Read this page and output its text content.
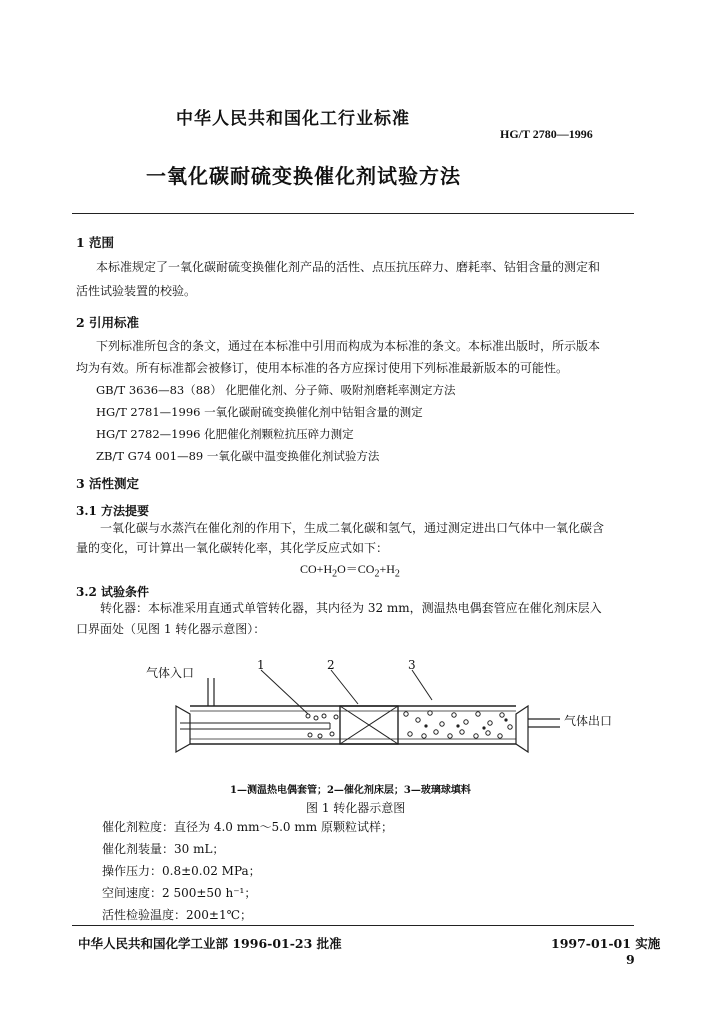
中华人民共和国化工行业标准
HG/T 2780—1996
一氧化碳耐硫变换催化剂试验方法
1 范围
本标准规定了一氧化碳耐硫变换催化剂产品的活性、点压抗压碎力、磨耗率、钴钼含量的测定和
活性试验装置的校验。
2 引用标准
下列标准所包含的条文，通过在本标准中引用而构成为本标准的条文。本标准出版时，所示版本
均为有效。所有标准都会被修订，使用本标准的各方应探讨使用下列标准最新版本的可能性。
GB/T 3636—83（88） 化肥催化剂、分子筛、吸附剂磨耗率测定方法
HG/T 2781—1996 一氧化碳耐硫变换催化剂中钴钼含量的测定
HG/T 2782—1996 化肥催化剂颗粒抗压碎力测定
ZB/T G74 001—89 一氧化碳中温变换催化剂试验方法
3 活性测定
3.1 方法提要
一氧化碳与水蒸汽在催化剂的作用下，生成二氧化碳和氢气，通过测定进出口气体中一氧化碳含
量的变化，可计算出一氧化碳转化率，其化学反应式如下：
$CO+H_2O=CO_2+H_2$
3.2 试验条件
转化器：本标准采用直通式单管转化器，其内径为 32 mm，测温热电偶套管应在催化剂床层入
口界面处（见图 1 转化器示意图）：
气体入口
气体出口
1	2	3
1—测温热电偶套管；2—催化剂床层；3—玻璃球填料
图 1 转化器示意图
催化剂粒度：直径为 4.0 mm～5.0 mm 原颗粒试样；
催化剂装量：30 mL；
操作压力：0.8±0.02 MPa；
空间速度：2 500±50 h⁻¹；
活性检验温度：200±1℃；
中华人民共和国化学工业部 1996-01-23 批准	1997-01-01 实施
9
